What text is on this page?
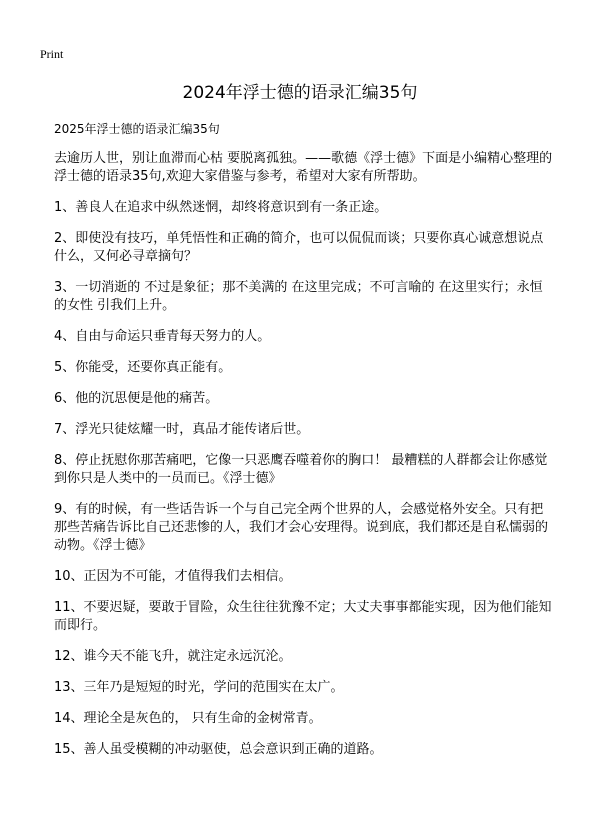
Print
2024年浮士德的语录汇编35句
2025年浮士德的语录汇编35句

去逾历人世，别让血滞而心枯 要脱离孤独。——歌德《浮士德》下面是小编精心整理的浮士德的语录35句,欢迎大家借鉴与参考，希望对大家有所帮助。

1、善良人在追求中纵然迷惘，却终将意识到有一条正途。

2、即使没有技巧，单凭悟性和正确的简介，也可以侃侃而谈；只要你真心诚意想说点什么，又何必寻章摘句？

3、一切消逝的 不过是象征；那不美满的 在这里完成；不可言喻的 在这里实行；永恒的女性 引我们上升。

4、自由与命运只垂青每天努力的人。

5、你能受，还要你真正能有。

6、他的沉思便是他的痛苦。

7、浮光只徒炫耀一时，真品才能传诸后世。

8、停止抚慰你那苦痛吧，它像一只恶鹰吞噬着你的胸口！ 最糟糕的人群都会让你感觉到你只是人类中的一员而已。《浮士德》

9、有的时候，有一些话告诉一个与自己完全两个世界的人，会感觉格外安全。只有把那些苦痛告诉比自己还悲惨的人，我们才会心安理得。说到底，我们都还是自私懦弱的动物。《浮士德》

10、正因为不可能，才值得我们去相信。

11、不要迟疑，要敢于冒险，众生往往犹豫不定；大丈夫事事都能实现，因为他们能知而即行。

12、谁今天不能飞升，就注定永远沉沦。

13、三年乃是短短的时光，学问的范围实在太广。

14、理论全是灰色的， 只有生命的金树常青。

15、善人虽受模糊的冲动驱使，总会意识到正确的道路。
